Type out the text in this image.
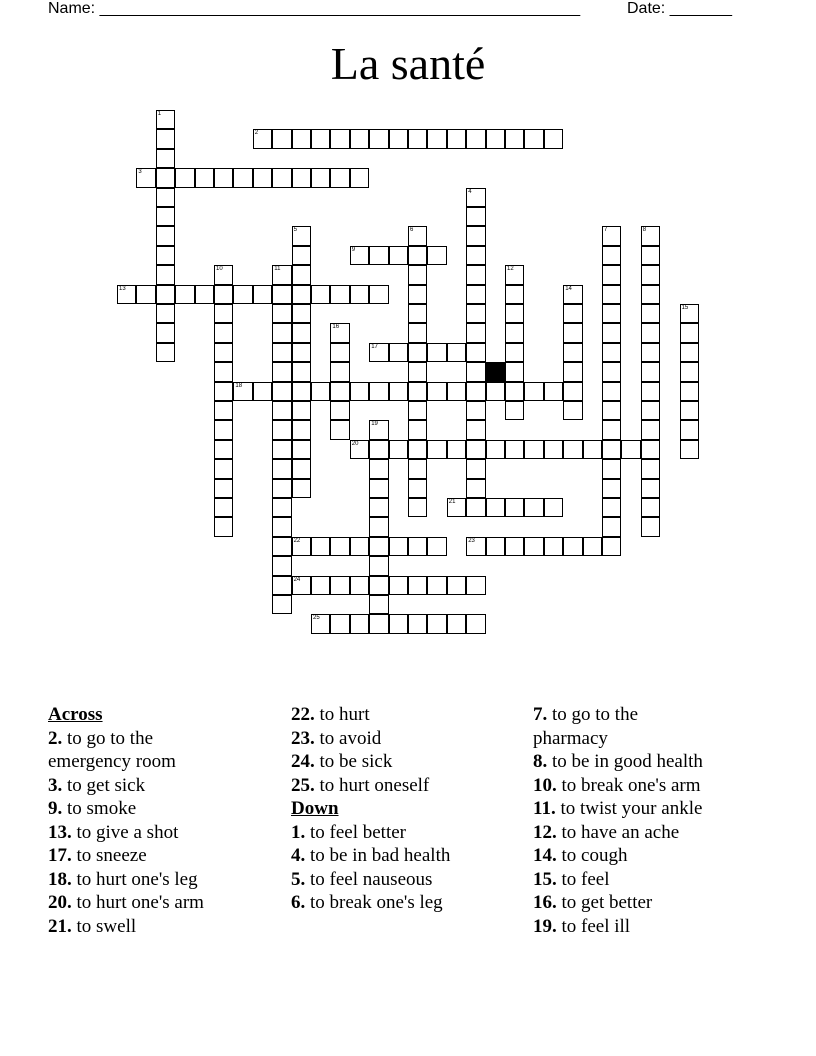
Name: ______________________________________________________	Date: _______
La santé
1
2
3
4
5	6	7	8
9
10	11	12
13	14
15
16
17
18
19
20
21
22	23
24
25
Across
2. to go to the
emergency room
3. to get sick
9. to smoke
13. to give a shot
17. to sneeze
18. to hurt one's leg
20. to hurt one's arm
21. to swell
22. to hurt
23. to avoid
24. to be sick
25. to hurt oneself
Down
1. to feel better
4. to be in bad health
5. to feel nauseous
6. to break one's leg
7. to go to the
pharmacy
8. to be in good health
10. to break one's arm
11. to twist your ankle
12. to have an ache
14. to cough
15. to feel
16. to get better
19. to feel ill
